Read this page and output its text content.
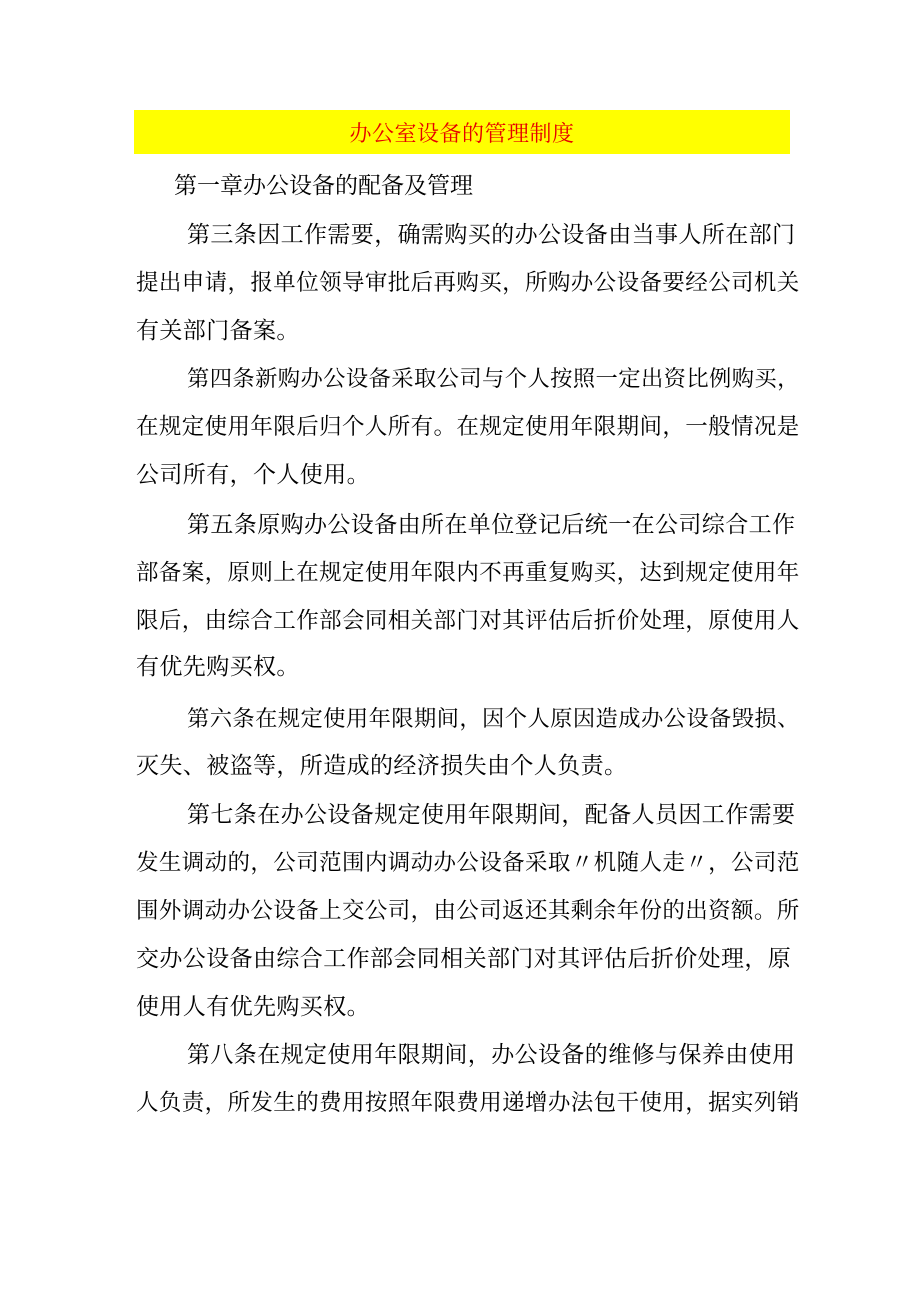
办公室设备的管理制度
第一章办公设备的配备及管理
第三条因工作需要，确需购买的办公设备由当事人所在部门
提出申请，报单位领导审批后再购买，所购办公设备要经公司机关
有关部门备案。
第四条新购办公设备采取公司与个人按照一定出资比例购买，
在规定使用年限后归个人所有。在规定使用年限期间，一般情况是
公司所有，个人使用。
第五条原购办公设备由所在单位登记后统一在公司综合工作
部备案，原则上在规定使用年限内不再重复购买，达到规定使用年
限后，由综合工作部会同相关部门对其评估后折价处理，原使用人
有优先购买权。
第六条在规定使用年限期间，因个人原因造成办公设备毁损、
灭失、被盗等，所造成的经济损失由个人负责。
第七条在办公设备规定使用年限期间，配备人员因工作需要
发生调动的，公司范围内调动办公设备采取〃机随人走〃，公司范
围外调动办公设备上交公司，由公司返还其剩余年份的出资额。所
交办公设备由综合工作部会同相关部门对其评估后折价处理，原
使用人有优先购买权。
第八条在规定使用年限期间，办公设备的维修与保养由使用
人负责，所发生的费用按照年限费用递增办法包干使用，据实列销
